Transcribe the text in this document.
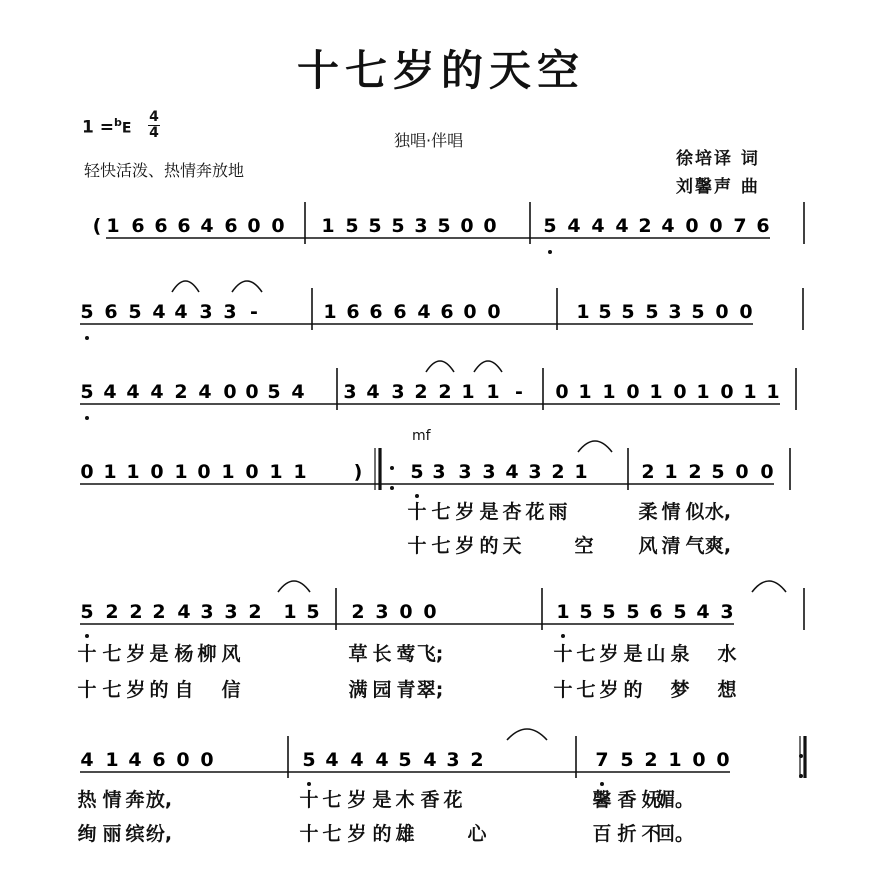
十七岁的天空
1 =$^b$E
4
4
轻快活泼、热情奔放地
独唱·伴唱
徐培译 词
刘馨声 曲
1 6 6 6 4 6 0 0 1 5 5 5 3 5 0 0 5 4 4 4 2 4 0 0 7 6
(
5 6 5 4 4 3 3 -	1 6 6 6 4 6 0 0	1 5 5 5 3 5 0 0
5 4 4 4 2 4 0 0 5 4 3 4 3 2 2 1 1 - 0 1 1 0 1 0 1 0 1 1
0 1 1 0 1 0 1 0 1 1	5 3 3 3 4 3 2 1	2 1 2 5 0 0
5 2 2 2 4 3 3 2 1 5 2 3 0 0	1 5 5 5 6 5 4 3
4 1 4 6 0 0	5 4 4 4 5 4 3 2	7 5 2 1 0 0
)
十 七 岁 是 杏 花 雨	柔 情 似 水,
十 七 岁 的 天	空 风 清 气 爽,
十 七 岁 是 杨 柳 风	草 长 莺 飞;	十 七 岁 是 山 泉 水
十 七 岁 的 自 信	满 园 青 翠;	十 七 岁 的 梦 想
热 情 奔 放,	十 七 岁 是 木 香 花	馨 香 妩
媚。
绚 丽 缤 纷,	十 七 岁 的 雄	心	百 折 不
回。
mf
